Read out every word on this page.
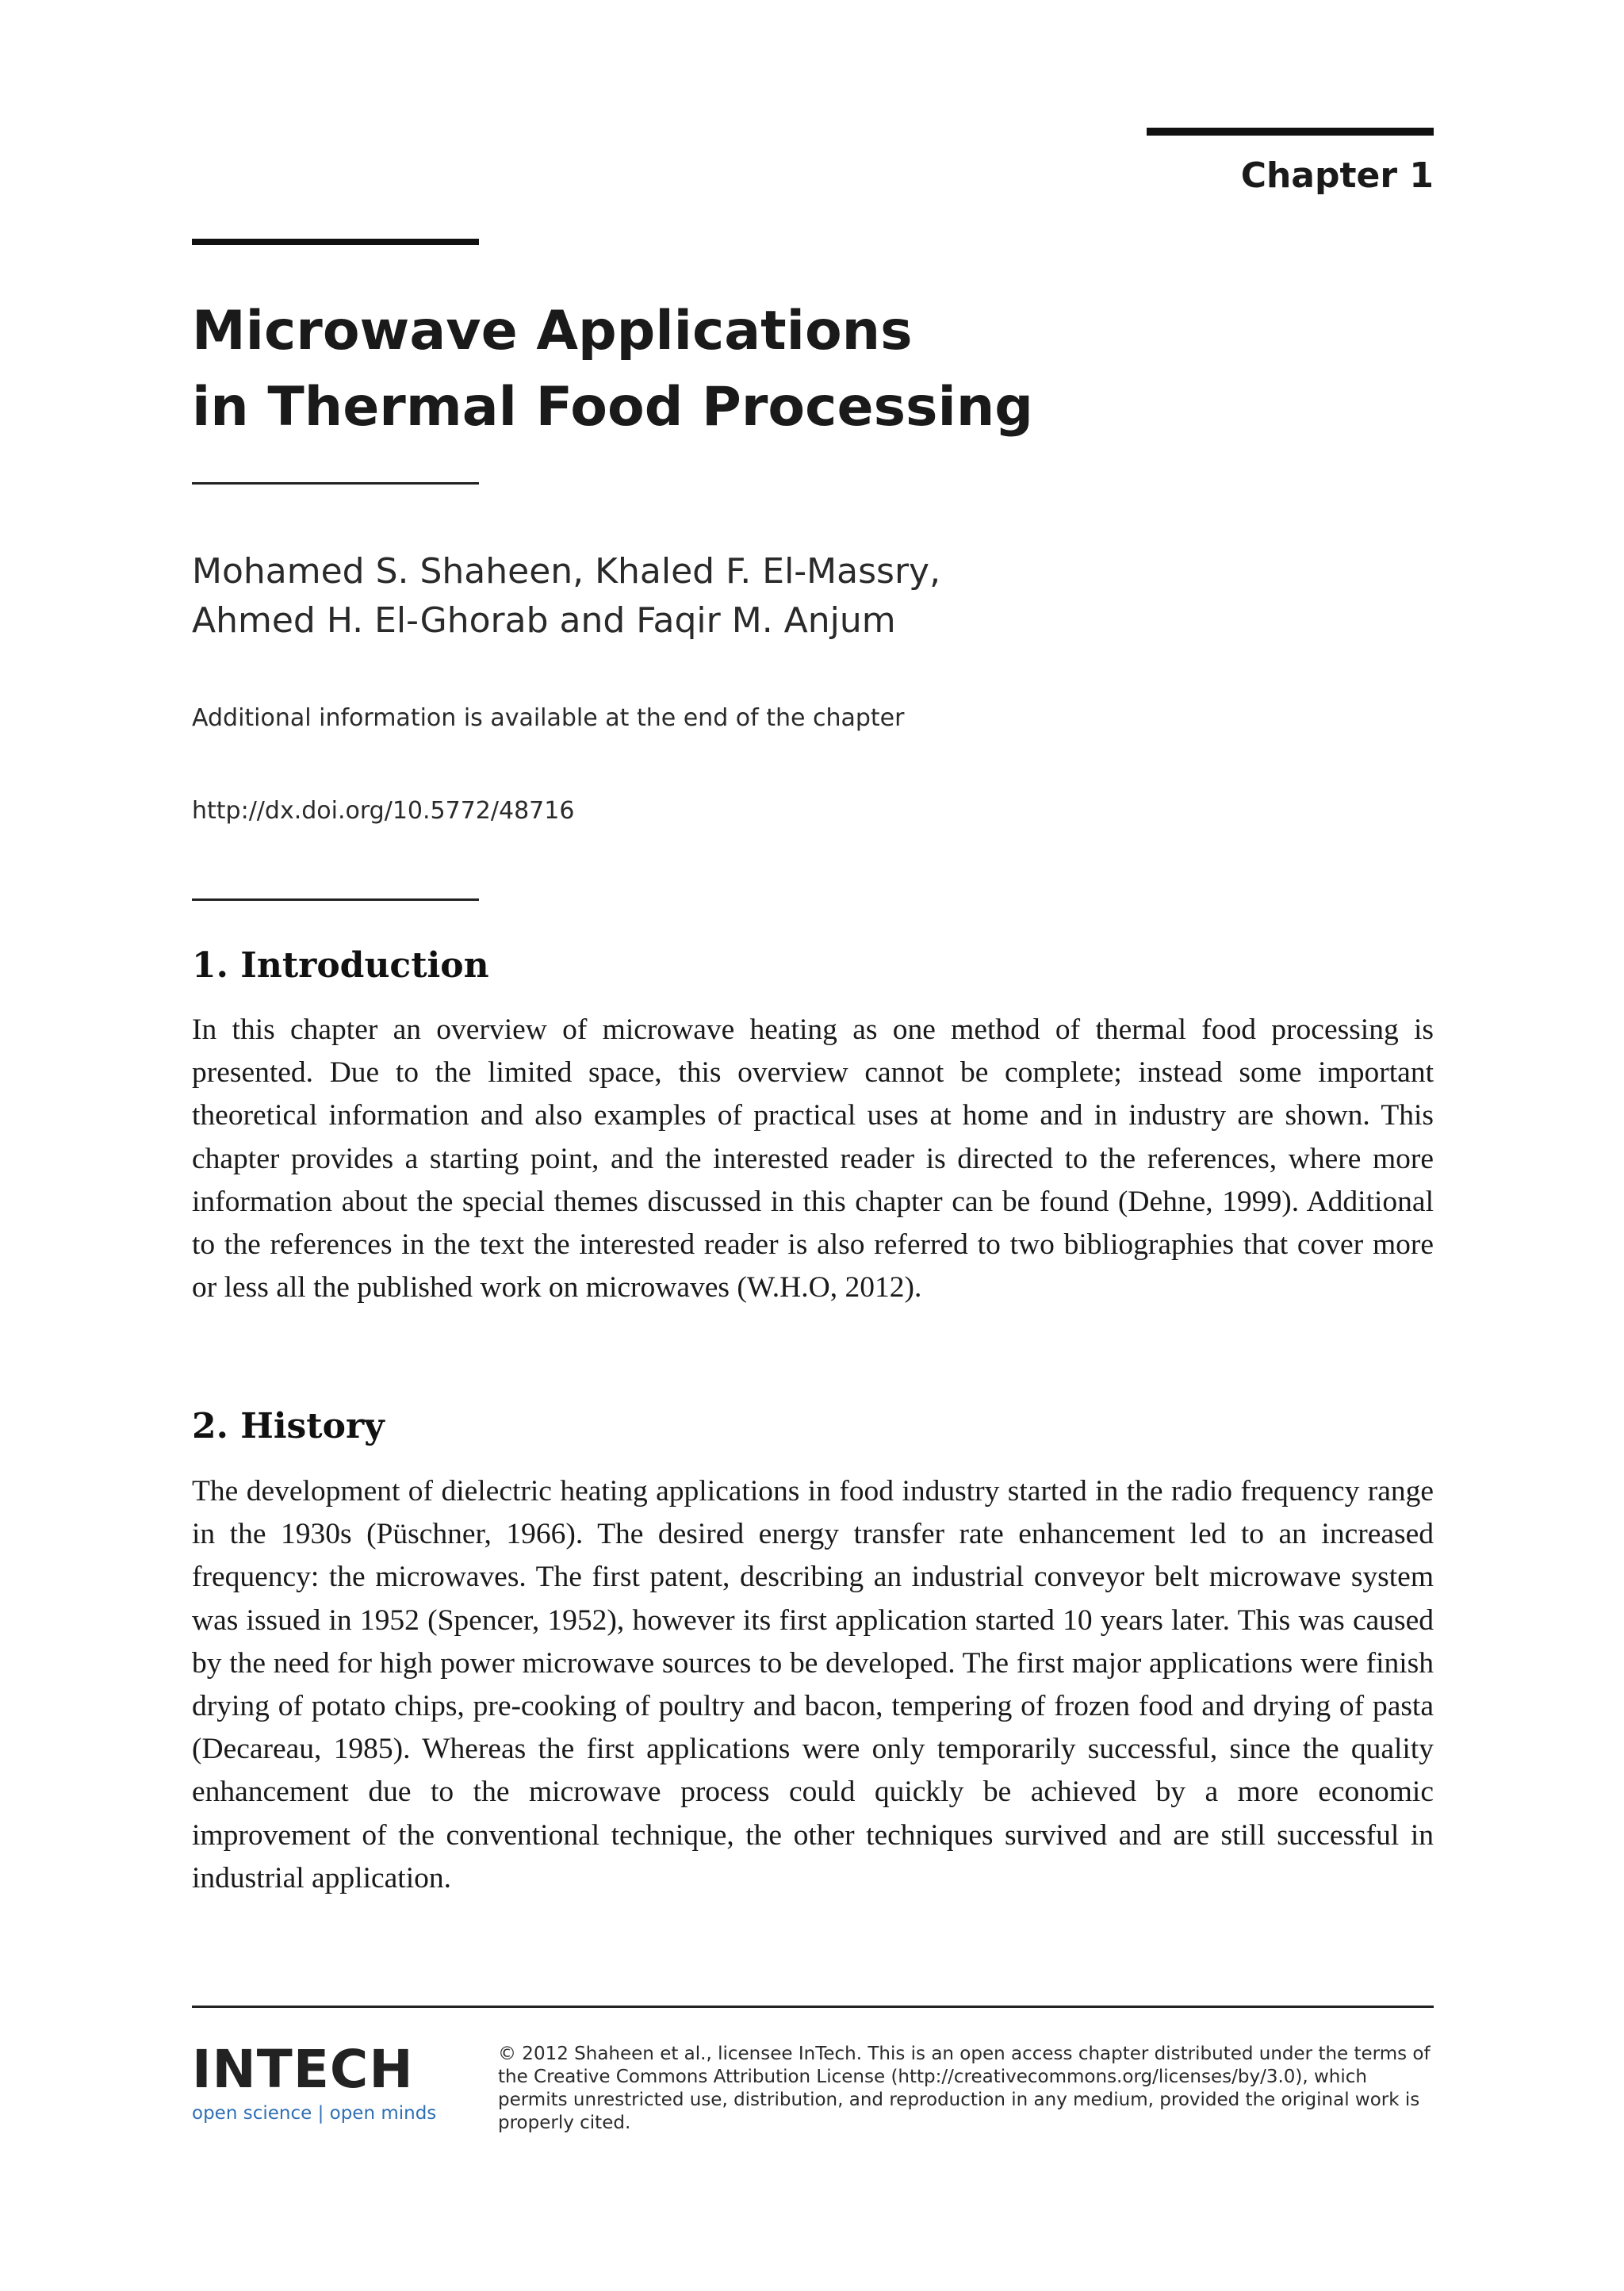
Chapter 1
Microwave Applications
in Thermal Food Processing
Mohamed S. Shaheen, Khaled F. El-Massry,
Ahmed H. El-Ghorab and Faqir M. Anjum
Additional information is available at the end of the chapter
http://dx.doi.org/10.5772/48716
1. Introduction

In this chapter an overview of microwave heating as one method of thermal food processing is presented. Due to the limited space, this overview cannot be complete; instead some important theoretical information and also examples of practical uses at home and in industry are shown. This chapter provides a starting point, and the interested reader is directed to the references, where more information about the special themes discussed in this chapter can be found (Dehne, 1999). Additional to the references in the text the interested reader is also referred to two bibliographies that cover more or less all the published work on microwaves (W.H.O, 2012).

2. History

The development of dielectric heating applications in food industry started in the radio frequency range in the 1930s (Püschner, 1966). The desired energy transfer rate enhancement led to an increased frequency: the microwaves. The first patent, describing an industrial conveyor belt microwave system was issued in 1952 (Spencer, 1952), however its first application started 10 years later. This was caused by the need for high power microwave sources to be developed. The first major applications were finish drying of potato chips, pre-cooking of poultry and bacon, tempering of frozen food and drying of pasta (Decareau, 1985). Whereas the first applications were only temporarily successful, since the quality enhancement due to the microwave process could quickly be achieved by a more economic improvement of the conventional technique, the other techniques survived and are still successful in industrial application.

INTECH
open science | open minds
© 2012 Shaheen et al., licensee InTech. This is an open access chapter distributed under the terms of the Creative Commons Attribution License (http://creativecommons.org/licenses/by/3.0), which permits unrestricted use, distribution, and reproduction in any medium, provided the original work is properly cited.
